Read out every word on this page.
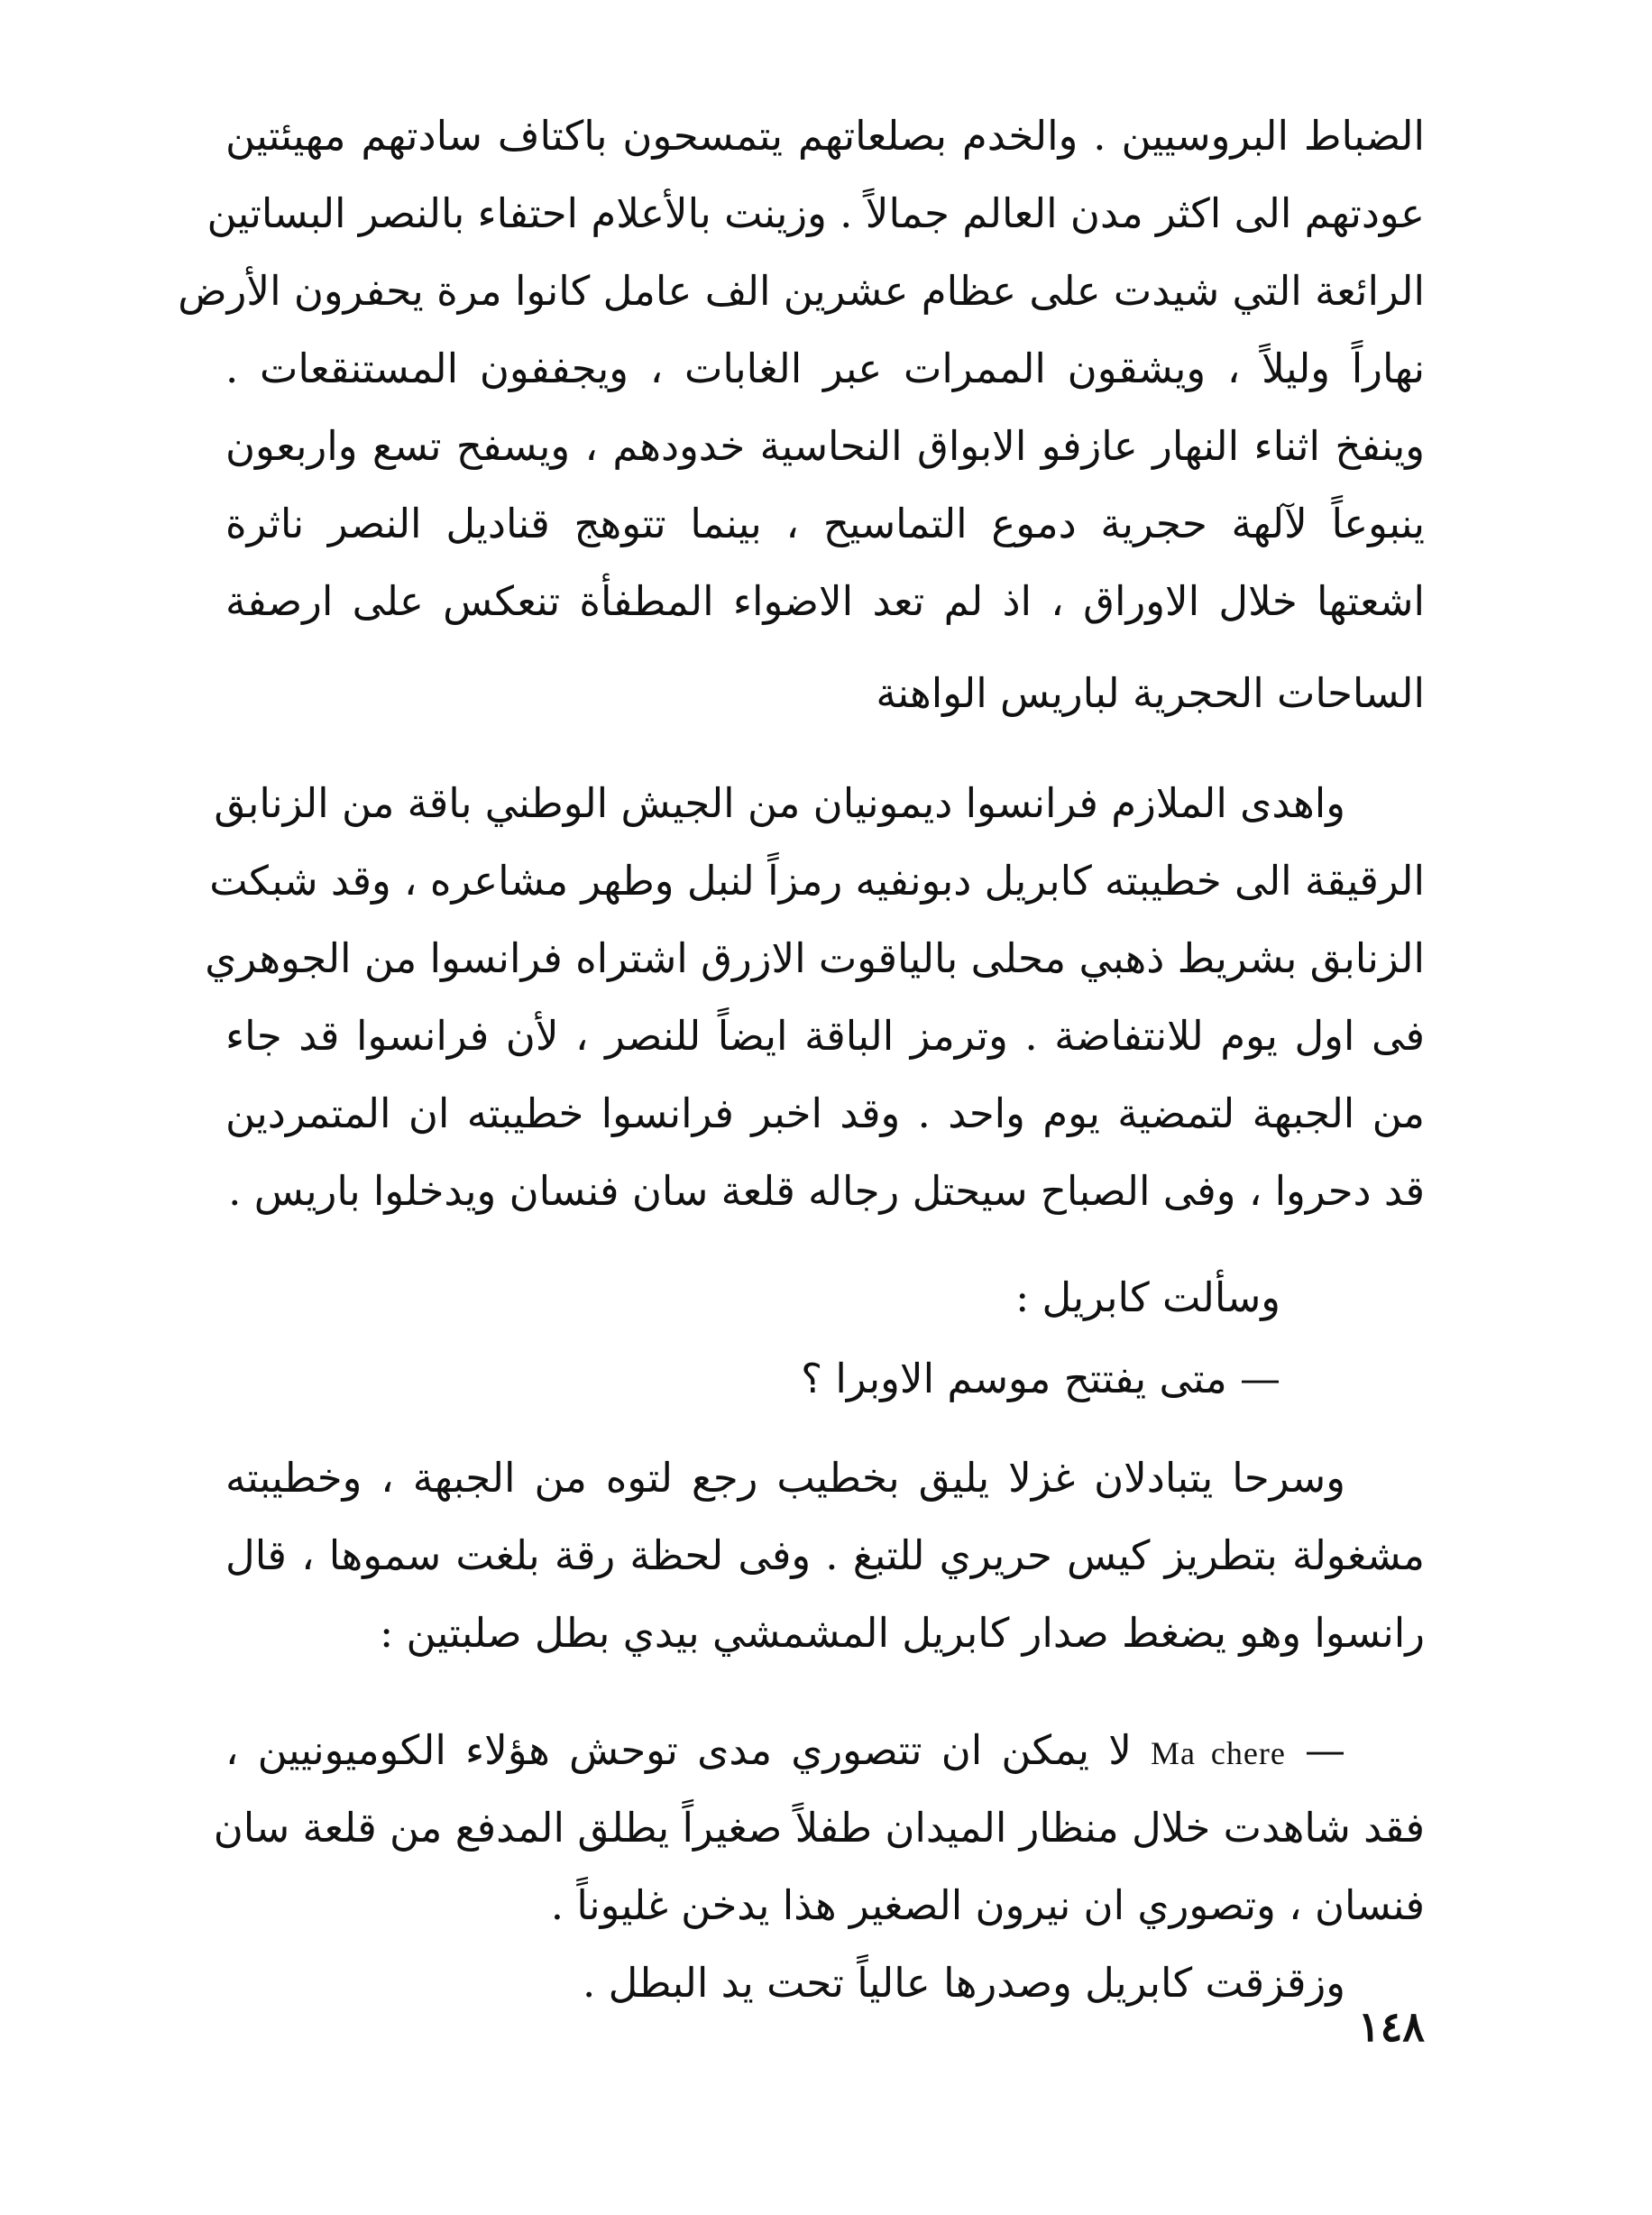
الضباط البروسيين . والخدم بصلعاتهم يتمسحون باكتاف سادتهم مهيئتين
عودتهم الى اكثر مدن العالم جمالاً . وزينت بالأعلام احتفاء بالنصر البساتين
الرائعة التي شيدت على عظام عشرين الف عامل كانوا مرة يحفرون الأرض
نهاراً وليلاً ، ويشقون الممرات عبر الغابات ، ويجففون المستنقعات .
وينفخ اثناء النهار عازفو الابواق النحاسية خدودهم ، ويسفح تسع واربعون
ينبوعاً لآلهة حجرية دموع التماسيح ، بينما تتوهج قناديل النصر ناثرة
اشعتها خلال الاوراق ، اذ لم تعد الاضواء المطفأة تنعكس على ارصفة
الساحات الحجرية لباريس الواهنة
واهدى الملازم فرانسوا ديمونيان من الجيش الوطني باقة من الزنابق
الرقيقة الى خطيبته كابريل دبونفيه رمزاً لنبل وطهر مشاعره ، وقد شبكت
الزنابق بشريط ذهبي محلى بالياقوت الازرق اشتراه فرانسوا من الجوهري
فى اول يوم للانتفاضة . وترمز الباقة ايضاً للنصر ، لأن فرانسوا قد جاء
من الجبهة لتمضية يوم واحد . وقد اخبر فرانسوا خطيبته ان المتمردين
قد دحروا ، وفى الصباح سيحتل رجاله قلعة سان فنسان ويدخلوا باريس .
وسألت كابريل :
— متى يفتتح موسم الاوبرا ؟
وسرحا يتبادلان غزلا يليق بخطيب رجع لتوه من الجبهة ، وخطيبته
مشغولة بتطريز كيس حريري للتبغ . وفى لحظة رقة بلغت سموها ، قال
رانسوا وهو يضغط صدار كابريل المشمشي بيدي بطل صلبتين :
— Ma chere لا يمكن ان تتصوري مدى توحش هؤلاء الكوميونيين ،
فقد شاهدت خلال منظار الميدان طفلاً صغيراً يطلق المدفع من قلعة سان
فنسان ، وتصوري ان نيرون الصغير هذا يدخن غليوناً .
وزقزقت كابريل وصدرها عالياً تحت يد البطل .
١٤٨
